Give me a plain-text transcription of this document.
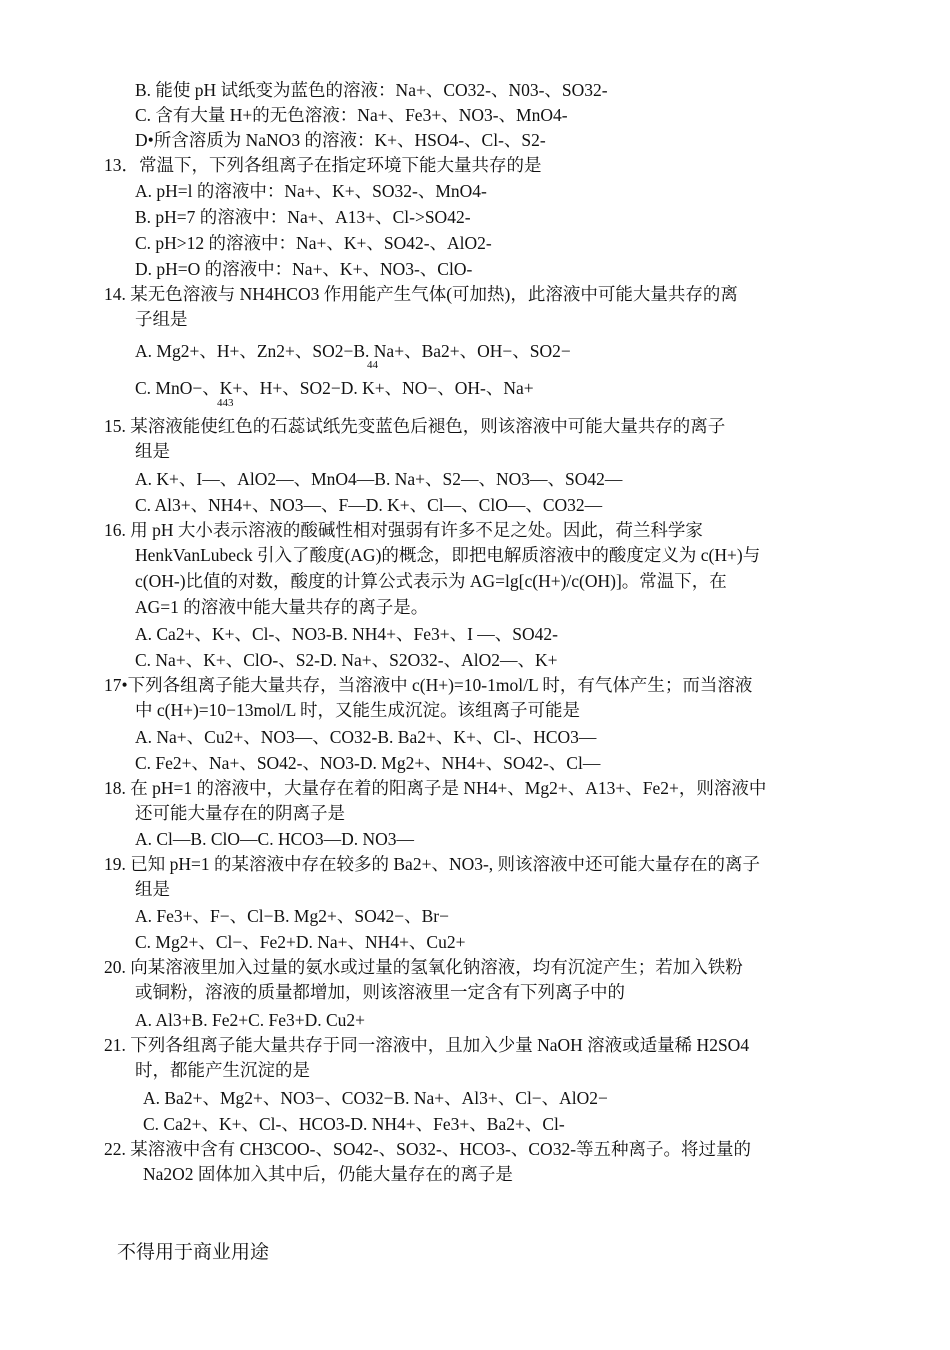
B. 能使 pH 试纸变为蓝色的溶液：Na+、CO32-、N03-、SO32-
C. 含有大量 H+的无色溶液：Na+、Fe3+、NO3-、MnO4-
D•所含溶质为 NaNO3 的溶液：K+、HSO4-、Cl-、S2-
13．常温下，下列各组离子在指定环境下能大量共存的是
A. pH=l 的溶液中：Na+、K+、SO32-、MnO4-
B. pH=7 的溶液中：Na+、A13+、Cl->SO42-
C. pH>12 的溶液中：Na+、K+、SO42-、AlO2-
D. pH=O 的溶液中：Na+、K+、NO3-、ClO-
14. 某无色溶液与 NH4HCO3 作用能产生气体(可加热)，此溶液中可能大量共存的离
子组是
A. Mg2+、H+、Zn2+、SO2−B. Na+、Ba2+、OH−、SO2−
44
C. MnO−、K+、H+、SO2−D. K+、NO−、OH-、Na+
443
15. 某溶液能使红色的石蕊试纸先变蓝色后褪色，则该溶液中可能大量共存的离子
组是
A. K+、I—、AlO2—、MnO4—B. Na+、S2—、NO3—、SO42—
C. Al3+、NH4+、NO3—、F—D. K+、Cl—、ClO—、CO32—
16. 用 pH 大小表示溶液的酸碱性相对强弱有许多不足之处。因此，荷兰科学家
HenkVanLubeck 引入了酸度(AG)的概念，即把电解质溶液中的酸度定义为 c(H+)与
c(OH-)比值的对数，酸度的计算公式表示为 AG=lg[c(H+)/c(OH)]。常温下，在
AG=1 的溶液中能大量共存的离子是。
A. Ca2+、K+、Cl-、NO3-B. NH4+、Fe3+、I —、SO42-
C. Na+、K+、ClO-、S2-D. Na+、S2O32-、AlO2—、K+
17•下列各组离子能大量共存，当溶液中 c(H+)=10-1mol/L 时，有气体产生；而当溶液
中 c(H+)=10−13mol/L 时，又能生成沉淀。该组离子可能是
A. Na+、Cu2+、NO3—、CO32-B. Ba2+、K+、Cl-、HCO3—
C. Fe2+、Na+、SO42-、NO3-D. Mg2+、NH4+、SO42-、Cl—
18. 在 pH=1 的溶液中，大量存在着的阳离子是 NH4+、Mg2+、A13+、Fe2+，则溶液中
还可能大量存在的阴离子是
A. Cl—B. ClO—C. HCO3—D. NO3—
19. 已知 pH=1 的某溶液中存在较多的 Ba2+、NO3-, 则该溶液中还可能大量存在的离子
组是
A. Fe3+、F−、Cl−B. Mg2+、SO42−、Br−
C. Mg2+、Cl−、Fe2+D. Na+、NH4+、Cu2+
20. 向某溶液里加入过量的氨水或过量的氢氧化钠溶液，均有沉淀产生；若加入铁粉
或铜粉，溶液的质量都增加，则该溶液里一定含有下列离子中的
A. Al3+B. Fe2+C. Fe3+D. Cu2+
21. 下列各组离子能大量共存于同一溶液中，且加入少量 NaOH 溶液或适量稀 H2SO4
时，都能产生沉淀的是
A. Ba2+、Mg2+、NO3−、CO32−B. Na+、Al3+、Cl−、AlO2−
C. Ca2+、K+、Cl-、HCO3-D. NH4+、Fe3+、Ba2+、Cl-
22. 某溶液中含有 CH3COO-、SO42-、SO32-、HCO3-、CO32-等五种离子。将过量的
Na2O2 固体加入其中后，仍能大量存在的离子是
不得用于商业用途
